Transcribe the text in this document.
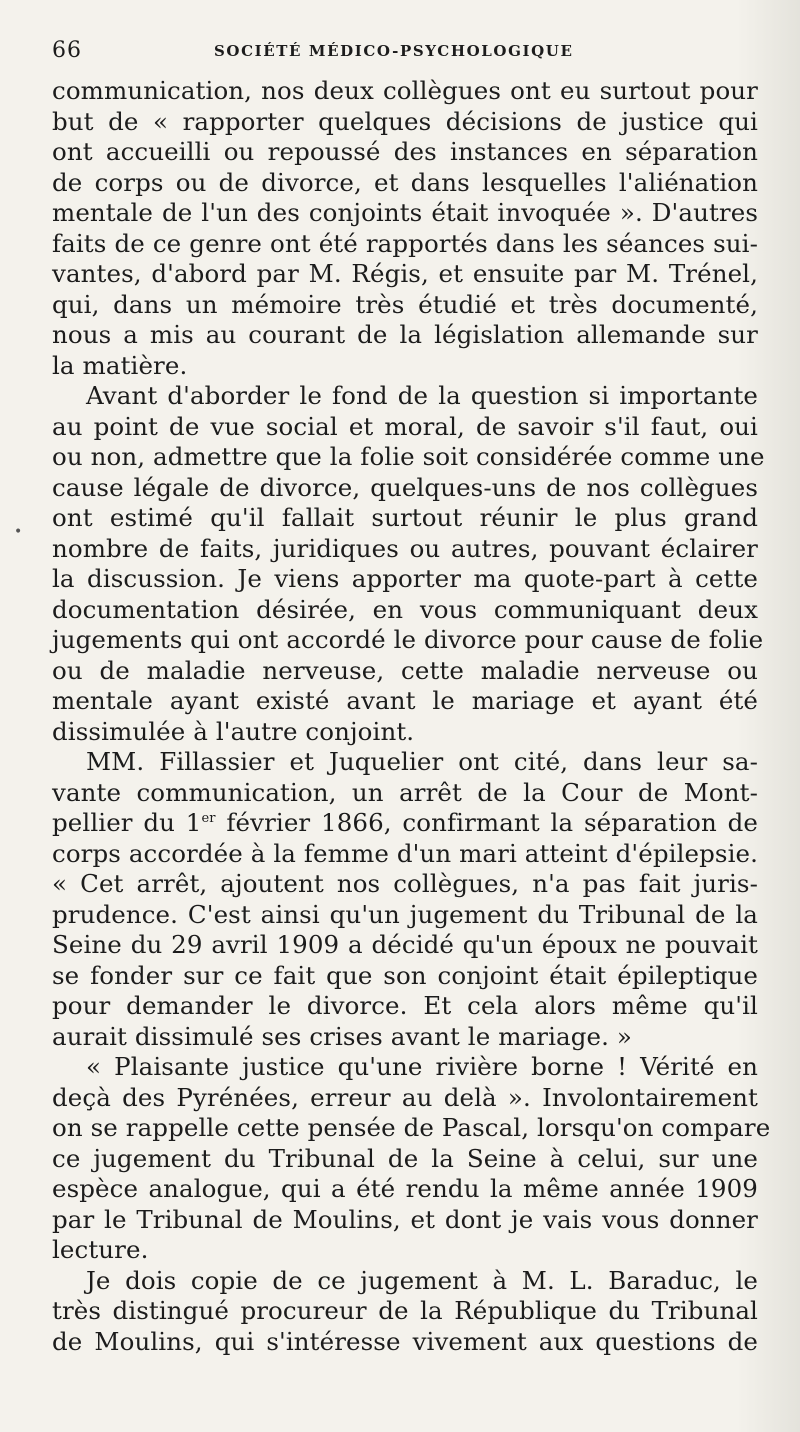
66	SOCIÉTÉ MÉDICO-PSYCHOLOGIQUE
•
communication, nos deux collègues ont eu surtout pour
but de « rapporter quelques décisions de justice qui
ont accueilli ou repoussé des instances en séparation
de corps ou de divorce, et dans lesquelles l'aliénation
mentale de l'un des conjoints était invoquée ». D'autres
faits de ce genre ont été rapportés dans les séances sui-
vantes, d'abord par M. Régis, et ensuite par M. Trénel,
qui, dans un mémoire très étudié et très documenté,
nous a mis au courant de la législation allemande sur
la matière.
Avant d'aborder le fond de la question si importante
au point de vue social et moral, de savoir s'il faut, oui
ou non, admettre que la folie soit considérée comme une
cause légale de divorce, quelques-uns de nos collègues
ont estimé qu'il fallait surtout réunir le plus grand
nombre de faits, juridiques ou autres, pouvant éclairer
la discussion. Je viens apporter ma quote-part à cette
documentation désirée, en vous communiquant deux
jugements qui ont accordé le divorce pour cause de folie
ou de maladie nerveuse, cette maladie nerveuse ou
mentale ayant existé avant le mariage et ayant été
dissimulée à l'autre conjoint.
MM. Fillassier et Juquelier ont cité, dans leur sa-
vante communication, un arrêt de la Cour de Mont-
pellier du 1er février 1866, confirmant la séparation de
corps accordée à la femme d'un mari atteint d'épilepsie.
« Cet arrêt, ajoutent nos collègues, n'a pas fait juris-
prudence. C'est ainsi qu'un jugement du Tribunal de la
Seine du 29 avril 1909 a décidé qu'un époux ne pouvait
se fonder sur ce fait que son conjoint était épileptique
pour demander le divorce. Et cela alors même qu'il
aurait dissimulé ses crises avant le mariage. »
« Plaisante justice qu'une rivière borne ! Vérité en
deçà des Pyrénées, erreur au delà ». Involontairement
on se rappelle cette pensée de Pascal, lorsqu'on compare
ce jugement du Tribunal de la Seine à celui, sur une
espèce analogue, qui a été rendu la même année 1909
par le Tribunal de Moulins, et dont je vais vous donner
lecture.
Je dois copie de ce jugement à M. L. Baraduc, le
très distingué procureur de la République du Tribunal
de Moulins, qui s'intéresse vivement aux questions de
